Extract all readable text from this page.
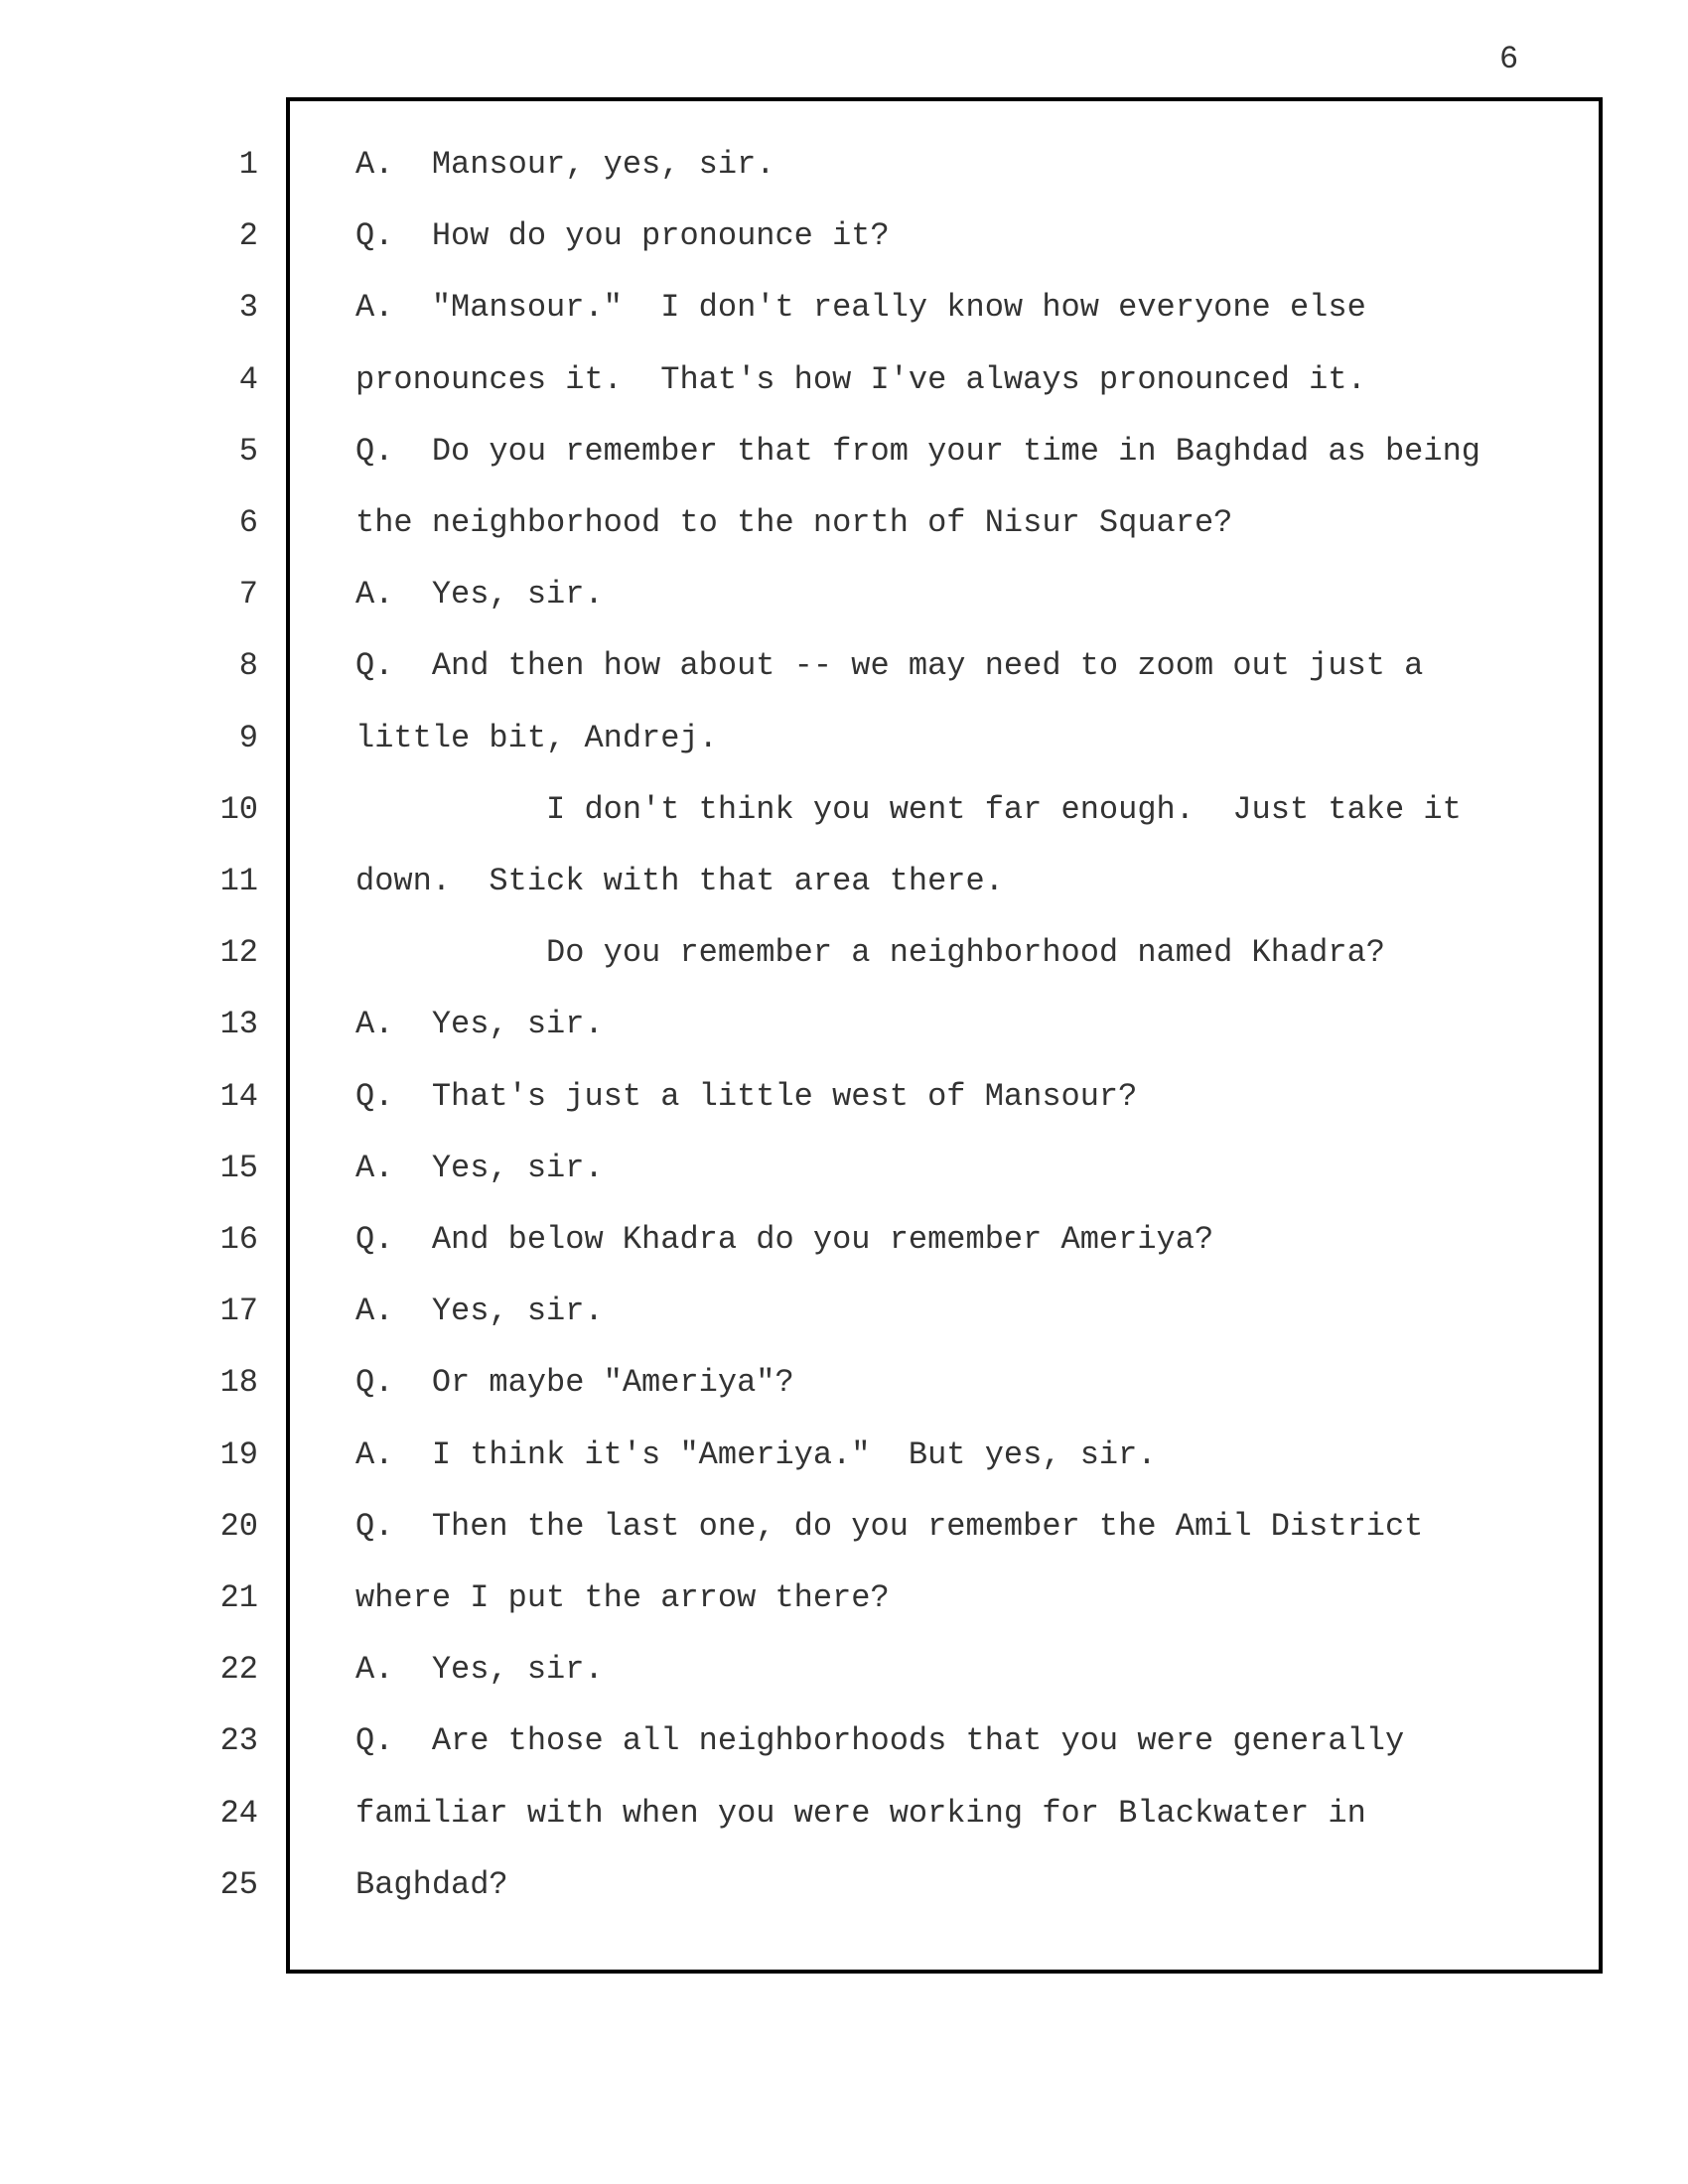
6
1	A.  Mansour, yes, sir.
2	Q.  How do you pronounce it?
3	A.  "Mansour."  I don't really know how everyone else
4	pronounces it.  That's how I've always pronounced it.
5	Q.  Do you remember that from your time in Baghdad as being
6	the neighborhood to the north of Nisur Square?
7	A.  Yes, sir.
8	Q.  And then how about -- we may need to zoom out just a
9	little bit, Andrej.
10	I don't think you went far enough.  Just take it
11	down.  Stick with that area there.
12	Do you remember a neighborhood named Khadra?
13	A.  Yes, sir.
14	Q.  That's just a little west of Mansour?
15	A.  Yes, sir.
16	Q.  And below Khadra do you remember Ameriya?
17	A.  Yes, sir.
18	Q.  Or maybe "Ameriya"?
19	A.  I think it's "Ameriya."  But yes, sir.
20	Q.  Then the last one, do you remember the Amil District
21	where I put the arrow there?
22	A.  Yes, sir.
23	Q.  Are those all neighborhoods that you were generally
24	familiar with when you were working for Blackwater in
25	Baghdad?
